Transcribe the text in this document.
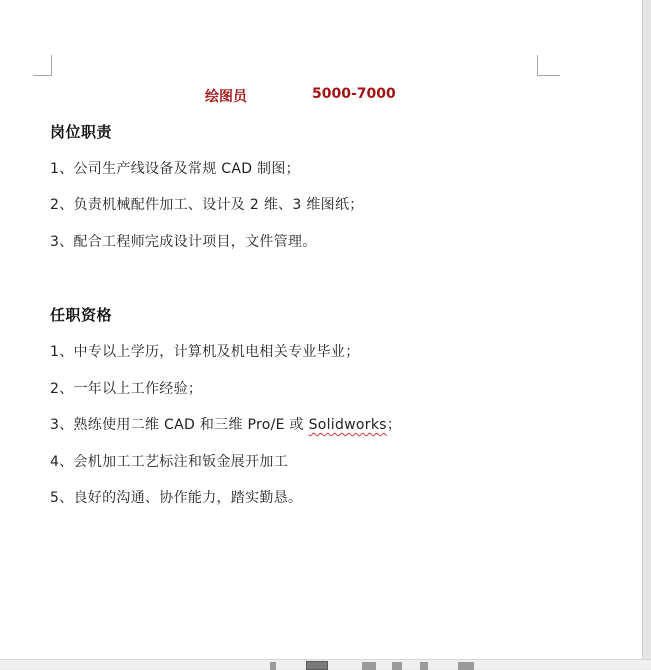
绘图员	5000-7000
岗位职责
1、公司生产线设备及常规 CAD 制图；
2、负责机械配件加工、设计及 2 维、3 维图纸；
3、配合工程师完成设计项目，文件管理。
任职资格
1、中专以上学历，计算机及机电相关专业毕业；
2、一年以上工作经验；
3、熟练使用二维 CAD 和三维 Pro/E 或 Solidworks；
4、会机加工工艺标注和钣金展开加工
5、良好的沟通、协作能力，踏实勤恳。
